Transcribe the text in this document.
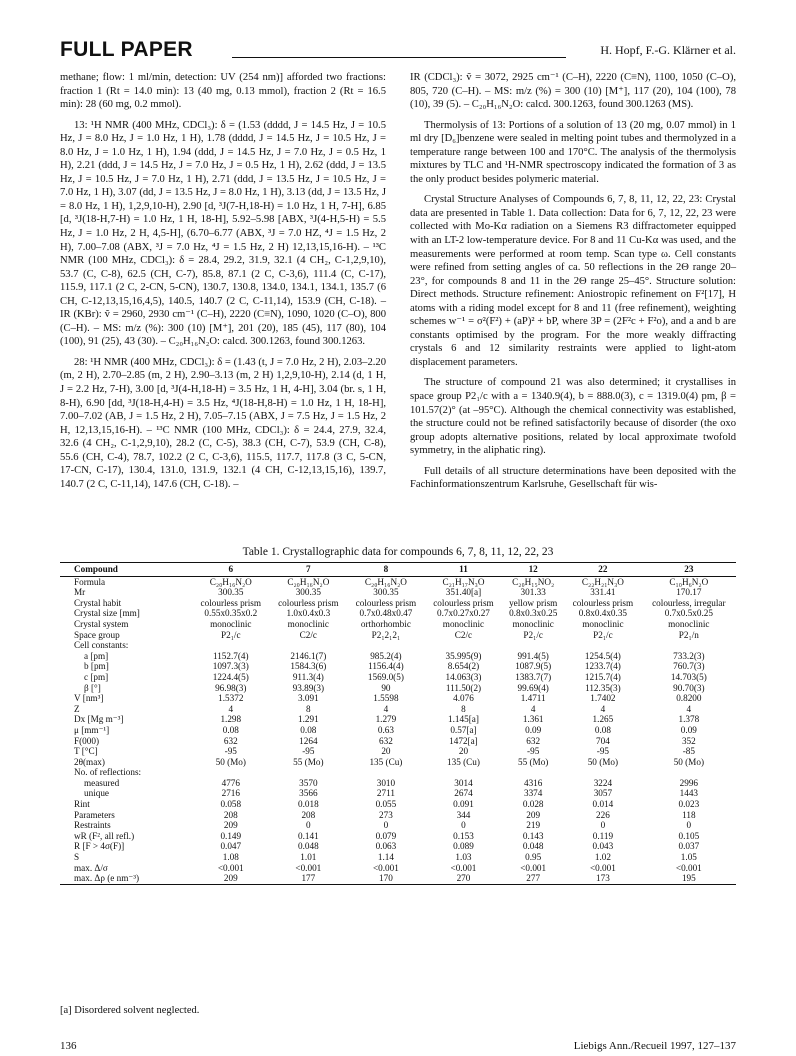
FULL PAPER	H. Hopf, F.-G. Klärner et al.

methane; flow: 1 ml/min, detection: UV (254 nm)] afforded two fractions: fraction 1 (Rt = 14.0 min): 13 (40 mg, 0.13 mmol), fraction 2 (Rt = 16.5 min): 28 (60 mg, 0.2 mmol).

13: ¹H NMR (400 MHz, CDCl₃): δ = (1.53 (dddd, J = 14.5 Hz, J = 10.5 Hz, J = 8.0 Hz, J = 1.0 Hz, 1 H), 1.78 (dddd, J = 14.5 Hz, J = 10.5 Hz, J = 8.0 Hz, J = 1.0 Hz, 1 H), 1.94 (ddd, J = 14.5 Hz, J = 7.0 Hz, J = 0.5 Hz, 1 H), 2.21 (ddd, J = 14.5 Hz, J = 7.0 Hz, J = 0.5 Hz, 1 H), 2.62 (ddd, J = 13.5 Hz, J = 10.5 Hz, J = 7.0 Hz, 1 H), 2.71 (ddd, J = 13.5 Hz, J = 10.5 Hz, J = 7.0 Hz, 1 H), 3.07 (dd, J = 13.5 Hz, J = 8.0 Hz, 1 H), 3.13 (dd, J = 13.5 Hz, J = 8.0 Hz, 1 H), 1,2,9,10-H), 2.90 [d, ³J(7-H,18-H) = 1.0 Hz, 1 H, 7-H], 6.85 [d, ³J(18-H,7-H) = 1.0 Hz, 1 H, 18-H], 5.92–5.98 [ABX, ³J(4-H,5-H) = 5.5 Hz, J = 1.0 Hz, 2 H, 4,5-H], (6.70–6.77 (ABX, ³J = 7.0 HZ, ⁴J = 1.5 Hz, 2 H), 7.00–7.08 (ABX, ³J = 7.0 Hz, ⁴J = 1.5 Hz, 2 H) 12,13,15,16-H). – ¹³C NMR (100 MHz, CDCl₃): δ = 28.4, 29.2, 31.9, 32.1 (4 CH₂, C-1,2,9,10), 53.7 (C, C-8), 62.5 (CH, C-7), 85.8, 87.1 (2 C, C-3,6), 111.4 (C, C-17), 115.9, 117.1 (2 C, 2-CN, 5-CN), 130.7, 130.8, 134.0, 134.1, 134.1, 135.7 (6 CH, C-12,13,15,16,4,5), 140.5, 140.7 (2 C, C-11,14), 153.9 (CH, C-18). – IR (KBr): ṽ = 2960, 2930 cm⁻¹ (C–H), 2220 (C≡N), 1090, 1020 (C–O), 800 (C–H). – MS: m/z (%): 300 (10) [M⁺], 201 (20), 185 (45), 117 (80), 104 (100), 91 (25), 43 (30). – C₂₀H₁₆N₂O: calcd. 300.1263, found 300.1263.

28: ¹H NMR (400 MHz, CDCl₃): δ = (1.43 (t, J = 7.0 Hz, 2 H), 2.03–2.20 (m, 2 H), 2.70–2.85 (m, 2 H), 2.90–3.13 (m, 2 H) 1,2,9,10-H), 2.14 (d, 1 H, J = 2.2 Hz, 7-H), 3.00 [d, ³J(4-H,18-H) = 3.5 Hz, 1 H, 4-H], 3.04 (br. s, 1 H, 8-H), 6.90 [dd, ³J(18-H,4-H) = 3.5 Hz, ⁴J(18-H,8-H) = 1.0 Hz, 1 H, 18-H], 7.00–7.02 (AB, J = 1.5 Hz, 2 H), 7.05–7.15 (ABX, J = 7.5 Hz, J = 1.5 Hz, 2 H, 12,13,15,16-H). – ¹³C NMR (100 MHz, CDCl₃): δ = 24.4, 27.9, 32.4, 32.6 (4 CH₂, C-1,2,9,10), 28.2 (C, C-5), 38.3 (CH, C-7), 53.9 (CH, C-8), 55.6 (CH, C-4), 78.7, 102.2 (2 C, C-3,6), 115.5, 117.7, 117.8 (3 C, 5-CN, 17-CN, C-17), 130.4, 131.0, 131.9, 132.1 (4 CH, C-12,13,15,16), 139.7, 140.7 (2 C, C-11,14), 147.6 (CH, C-18). –

IR (CDCl₃): ṽ = 3072, 2925 cm⁻¹ (C–H), 2220 (C≡N), 1100, 1050 (C–O), 805, 720 (C–H). – MS: m/z (%) = 300 (10) [M⁺], 117 (20), 104 (100), 78 (10), 39 (5). – C₂₀H₁₆N₂O: calcd. 300.1263, found 300.1263 (MS).

Thermolysis of 13: Portions of a solution of 13 (20 mg, 0.07 mmol) in 1 ml dry [D₆]benzene were sealed in melting point tubes and thermolyzed in a temperature range between 100 and 170°C. The analysis of the thermolysis mixtures by TLC and ¹H-NMR spectroscopy indicated the formation of 3 as the only product besides polymeric material.

Crystal Structure Analyses of Compounds 6, 7, 8, 11, 12, 22, 23: Crystal data are presented in Table 1. Data collection: Data for 6, 7, 12, 22, 23 were collected with Mo-Kα radiation on a Siemens R3 diffractometer equipped with an LT-2 low-temperature device. For 8 and 11 Cu-Kα was used, and the measurements were performed at room temp. Scan type ω. Cell constants were refined from setting angles of ca. 50 reflections in the 2Θ range 20–23°, for compounds 8 and 11 in the 2Θ range 25–45°. Structure solution: Direct methods. Structure refinement: Aniostropic refinement on F²[17], H atoms with a riding model except for 8 and 11 (free refinement), weighting schemes w⁻¹ = σ²(F²) + (aP)² + bP, where 3P = (2F²c + F²o), and a and b are constants optimised by the program. For the more weakly diffracting crystals 6 and 12 similarity restraints were applied to light-atom displacement parameters.

The structure of compound 21 was also determined; it crystallises in space group P2₁/c with a = 1340.9(4), b = 888.0(3), c = 1319.0(4) pm, β = 101.57(2)° (at –95°C). Although the chemical connectivity was established, the structure could not be refined satisfactorily because of disorder (the oxo group adopts alternative positions, related by local approximate twofold symmetry, in the aliphatic ring).

Full details of all structure determinations have been deposited with the Fachinformationszentrum Karlsruhe, Gesellschaft für wis-

Table 1. Crystallographic data for compounds 6, 7, 8, 11, 12, 22, 23
Compound	6	7	8	11	12	22	23
Formula	C₂₀H₁₆N₂O	C₂₀H₁₆N₂O	C₂₀H₁₆N₂O	C₂₁H₁₇N₃O	C₂₀H₁₅NO₂	C₂₂H₂₁N₃O	C₁₀H₆N₂O
Mr	300.35	300.35	300.35	351.40[a]	301.33	331.41	170.17
Crystal habit	colourless prism	colourless prism	colourless prism	colourless prism	yellow prism	colourless prism	colourless, irregular
Crystal size [mm]	0.55x0.35x0.2	1.0x0.4x0.3	0.7x0.48x0.47	0.7x0.27x0.27	0.8x0.3x0.25	0.8x0.4x0.35	0.7x0.5x0.25
Crystal system	monoclinic	monoclinic	orthorhombic	monoclinic	monoclinic	monoclinic	monoclinic
Space group	P2₁/c	C2/c	P2₁2₁2₁	C2/c	P2₁/c	P2₁/c	P2₁/n
Cell constants:							
a [pm]	1152.7(4)	2146.1(7)	985.2(4)	35.995(9)	991.4(5)	1254.5(4)	733.2(3)
b [pm]	1097.3(3)	1584.3(6)	1156.4(4)	8.654(2)	1087.9(5)	1233.7(4)	760.7(3)
c [pm]	1224.4(5)	911.3(4)	1569.0(5)	14.063(3)	1383.7(7)	1215.7(4)	14.703(5)
β [°]	96.98(3)	93.89(3)	90	111.50(2)	99.69(4)	112.35(3)	90.70(3)
V [nm³]	1.5372	3.091	1.5598	4.076	1.4711	1.7402	0.8200
Z	4	8	4	8	4	4	4
Dx [Mg m⁻³]	1.298	1.291	1.279	1.145[a]	1.361	1.265	1.378
μ [mm⁻¹]	0.08	0.08	0.63	0.57[a]	0.09	0.08	0.09
F(000)	632	1264	632	1472[a]	632	704	352
T [°C]	-95	-95	20	20	-95	-95	-85
2θ(max)	50 (Mo)	55 (Mo)	135 (Cu)	135 (Cu)	55 (Mo)	50 (Mo)	50 (Mo)
No. of reflections:							
measured	4776	3570	3010	3014	4316	3224	2996
unique	2716	3566	2711	2674	3374	3057	1443
Rint	0.058	0.018	0.055	0.091	0.028	0.014	0.023
Parameters	208	208	273	344	209	226	118
Restraints	209	0	0	0	219	0	0
wR (F², all refl.)	0.149	0.141	0.079	0.153	0.143	0.119	0.105
R [F > 4σ(F)]	0.047	0.048	0.063	0.089	0.048	0.043	0.037
S	1.08	1.01	1.14	1.03	0.95	1.02	1.05
max. Δ/σ	<0.001	<0.001	<0.001	<0.001	<0.001	<0.001	<0.001
max. Δρ (e nm⁻³)	209	177	170	270	277	173	195
[a] Disordered solvent neglected.
136	Liebigs Ann./Recueil 1997, 127–137
